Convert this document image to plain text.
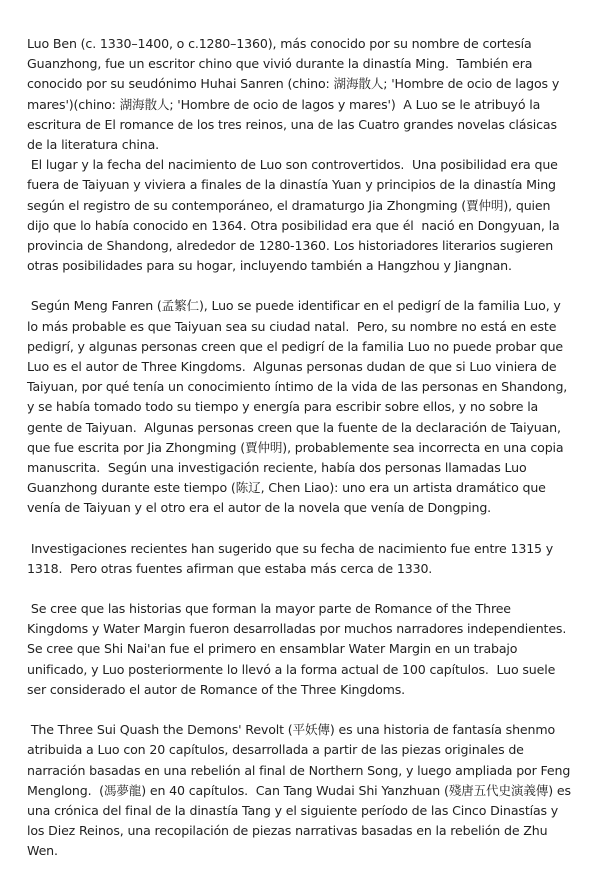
Luo Ben (c. 1330–1400, o c.1280–1360), más conocido por su nombre de cortesía Guanzhong, fue un escritor chino que vivió durante la dinastía Ming.  También era conocido por su seudónimo Huhai Sanren (chino: 湖海散人; 'Hombre de ocio de lagos y mares')(chino: 湖海散人; 'Hombre de ocio de lagos y mares')  A Luo se le atribuyó la escritura de El romance de los tres reinos, una de las Cuatro grandes novelas clásicas de la literatura china.

El lugar y la fecha del nacimiento de Luo son controvertidos.  Una posibilidad era que fuera de Taiyuan y viviera a finales de la dinastía Yuan y principios de la dinastía Ming según el registro de su contemporáneo, el dramaturgo Jia Zhongming (賈仲明), quien dijo que lo había conocido en 1364. Otra posibilidad era que él  nació en Dongyuan, la provincia de Shandong, alrededor de 1280-1360. Los historiadores literarios sugieren otras posibilidades para su hogar, incluyendo también a Hangzhou y Jiangnan.

Según Meng Fanren (孟繁仁), Luo se puede identificar en el pedigrí de la familia Luo, y lo más probable es que Taiyuan sea su ciudad natal.  Pero, su nombre no está en este pedigrí, y algunas personas creen que el pedigrí de la familia Luo no puede probar que Luo es el autor de Three Kingdoms.  Algunas personas dudan de que si Luo viniera de Taiyuan, por qué tenía un conocimiento íntimo de la vida de las personas en Shandong, y se había tomado todo su tiempo y energía para escribir sobre ellos, y no sobre la gente de Taiyuan.  Algunas personas creen que la fuente de la declaración de Taiyuan, que fue escrita por Jia Zhongming (賈仲明), probablemente sea incorrecta en una copia manuscrita.  Según una investigación reciente, había dos personas llamadas Luo Guanzhong durante este tiempo (陈辽, Chen Liao): uno era un artista dramático que venía de Taiyuan y el otro era el autor de la novela que venía de Dongping.

Investigaciones recientes han sugerido que su fecha de nacimiento fue entre 1315 y 1318.  Pero otras fuentes afirman que estaba más cerca de 1330.

Se cree que las historias que forman la mayor parte de Romance of the Three Kingdoms y Water Margin fueron desarrolladas por muchos narradores independientes.  Se cree que Shi Nai'an fue el primero en ensamblar Water Margin en un trabajo unificado, y Luo posteriormente lo llevó a la forma actual de 100 capítulos.  Luo suele ser considerado el autor de Romance of the Three Kingdoms.

The Three Sui Quash the Demons' Revolt (平妖傳) es una historia de fantasía shenmo atribuida a Luo con 20 capítulos, desarrollada a partir de las piezas originales de narración basadas en una rebelión al final de Northern Song, y luego ampliada por Feng Menglong.  (馮夢龍) en 40 capítulos.  Can Tang Wudai Shi Yanzhuan (殘唐五代史演義傳) es una crónica del final de la dinastía Tang y el siguiente período de las Cinco Dinastías y los Diez Reinos, una recopilación de piezas narrativas basadas en la rebelión de Zhu Wen.
